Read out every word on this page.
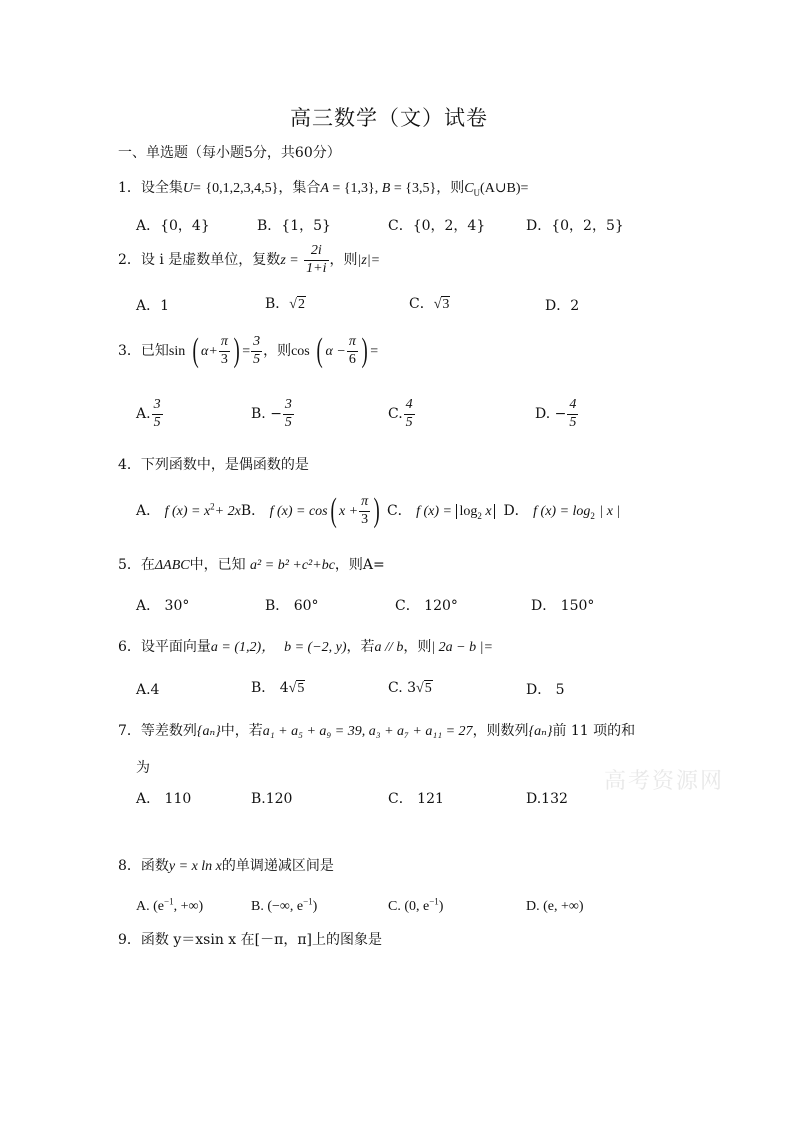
高三数学（文）试卷
一、单选题（每小题5分，共60分）
1．设全集U= {0,1,2,3,4,5}，集合A = {1,3}, B = {3,5}，则$C_U(A\cup B)=$
A．{0，4}	B．{1，5}	C．{0，2，4}	D．{0，2，5}
2．设 i 是虚数单位，复数$z = \frac{2i}{1+i}$ ，则|z|=
A．1	B．√2	C．√3	D．2
3．已知sin ( $\alpha+ \frac{\pi}{3}$ ) = $\frac{3}{5}$ ，则cos ( $\alpha - \frac{\pi}{6}$ ) =
A. $\frac{3}{5}$	B. − $\frac{3}{5}$	C. $\frac{4}{5}$	D. − $\frac{4}{5}$
4．下列函数中，是偶函数的是
A． f $(x) = x^2+ 2xB$． f (x) = cos( $x + \frac{\pi}{3}$ ) C． f $(x) = \log_2 x$ D． f $(x) = \log_2$ | x |
5．在ΔABC中，已知 a² = b² +c²+bc，则A=
A． 30°	B． 60°	C． 120°	D． 150°
6．设平面向量a = (1,2)， b = (−2, y)，若a // b，则| 2a − b |=
A.4	B． 4√5	C. 3√5	D． 5
7．等差数列{aₙ}中，若a₁ + a₅ + a₉ = 39, a₃ + a₇ + a₁₁ = 27，则数列{aₙ}前 11 项的和
为
A． 110	B.120	C． 121	D.132
高考资源网
8．函数y = x ln x的单调递减区间是
A. ($e^{-1}$, +∞)	B. (−∞, $e^{-1}$)	C. (0, $e^{-1}$)	D. (e, +∞)
9．函数 y＝xsin x 在[－π，π]上的图象是
